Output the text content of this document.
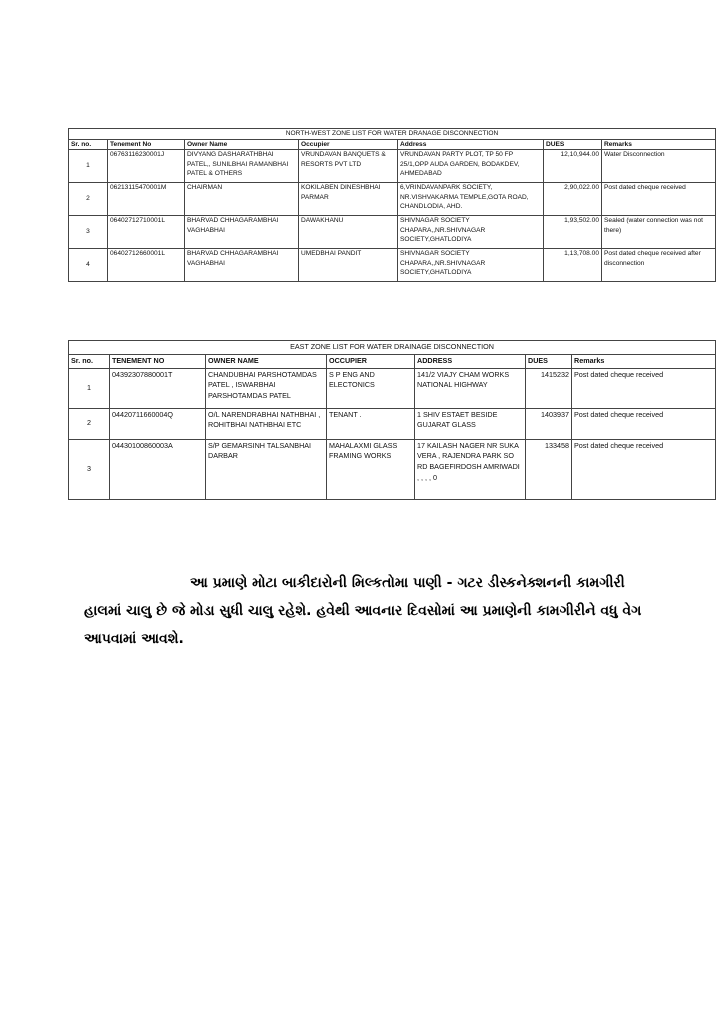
NORTH-WEST ZONE LIST FOR WATER DRANAGE DISCONNECTION						
Sr. no.	Tenement No	Owner Name	Occupier	Address	DUES	Remarks
1	06763116230001J	DIVYANG DASHARATHBHAI PATEL,, SUNILBHAI RAMANBHAI PATEL & OTHERS	VRUNDAVAN BANQUETS & RESORTS PVT LTD	VRUNDAVAN PARTY PLOT, TP 50 FP 25/1,OPP AUDA GARDEN, BODAKDEV, AHMEDABAD	12,10,944.00	Water Disconnection
2	06213115470001M	CHAIRMAN	KOKILABEN DINESHBHAI PARMAR	6,VRINDAVANPARK SOCIETY, NR.VISHVAKARMA TEMPLE,GOTA ROAD, CHANDLODIA, AHD.	2,90,022.00	Post dated cheque received
3	06402712710001L	BHARVAD CHHAGARAMBHAI VAGHABHAI	DAWAKHANU	SHIVNAGAR SOCIETY CHAPARA,,NR.SHIVNAGAR SOCIETY,GHATLODIYA	1,93,502.00	Sealed (water connection was not there)
4	06402712660001L	BHARVAD CHHAGARAMBHAI VAGHABHAI	UMEDBHAI PANDIT	SHIVNAGAR SOCIETY CHAPARA,,NR.SHIVNAGAR SOCIETY,GHATLODIYA	1,13,708.00	Post dated cheque received after disconnection
EAST ZONE LIST FOR WATER DRAINAGE DISCONNECTION						
Sr. no.	TENEMENT NO	OWNER NAME	OCCUPIER	ADDRESS	DUES	Remarks
1	04392307880001T	CHANDUBHAI PARSHOTAMDAS PATEL , ISWARBHAI PARSHOTAMDAS PATEL	S P ENG AND ELECTONICS	141/2 VIAJY CHAM WORKS NATIONAL HIGHWAY	1415232	Post dated cheque received
2	04420711660004Q	O/L NARENDRABHAI NATHBHAI , ROHITBHAI NATHBHAI ETC	TENANT .	1 SHIV ESTAET BESIDE GUJARAT GLASS	1403937	Post dated cheque received
3	04430100860003A	S/P GEMARSINH TALSANBHAI DARBAR	MAHALAXMI GLASS FRAMING WORKS	17 KAILASH NAGER NR SUKA VERA , RAJENDRA PARK SO RD BAGEFIRDOSH AMRIWADI , , , , 0	133458	Post dated cheque received

આ પ્રમાણે મોટા બાકીદારોની મિલ્કતોમા પાણી - ગટર ડીસ્કનેક્શનની કામગીરી

હાલમાં ચાલુ છે જે મોડા સુધી ચાલુ રહેશે. હવેથી આવનાર દિવસોમાં આ પ્રમાણેની કામગીરીને વધુ વેગ

આપવામાં આવશે.
